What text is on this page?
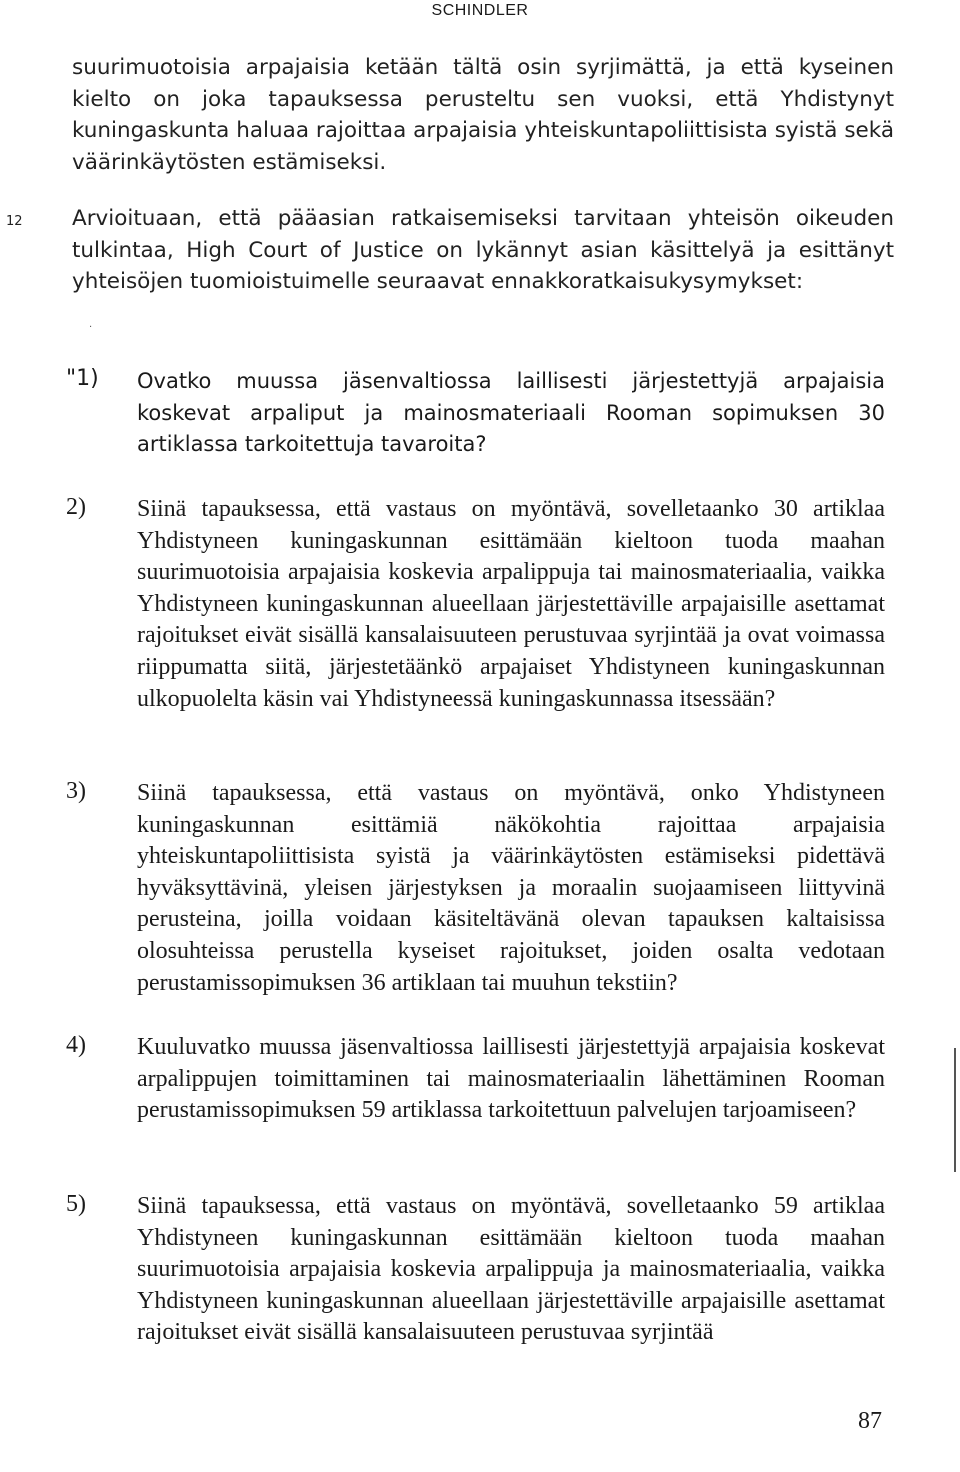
SCHINDLER
suurimuotoisia arpajaisia ketään tältä osin syrjimättä, ja että kyseinen kielto on joka tapauksessa perusteltu sen vuoksi, että Yhdistynyt kuningaskunta haluaa rajoittaa arpajaisia yhteiskuntapoliittisista syistä sekä väärinkäytösten estämiseksi.
12 Arvioituaan, että pääasian ratkaisemiseksi tarvitaan yhteisön oikeuden tulkintaa, High Court of Justice on lykännyt asian käsittelyä ja esittänyt yhteisöjen tuomioistuimelle seuraavat ennakkoratkaisukysymykset:
·
"1) Ovatko muussa jäsenvaltiossa laillisesti järjestettyjä arpajaisia koskevat arpaliput ja mainosmateriaali Rooman sopimuksen 30 artiklassa tarkoitettuja tavaroita?
2) Siinä tapauksessa, että vastaus on myöntävä, sovelletaanko 30 artiklaa Yhdistyneen kuningaskunnan esittämään kieltoon tuoda maahan suurimuotoisia arpajaisia koskevia arpalippuja tai mainosmateriaalia, vaikka Yhdistyneen kuningaskunnan alueellaan järjestettäville arpajaisille asettamat rajoitukset eivät sisällä kansalaisuuteen perustuvaa syrjintää ja ovat voimassa riippumatta siitä, järjestetäänkö arpajaiset Yhdistyneen kuningaskunnan ulkopuolelta käsin vai Yhdistyneessä kuningaskunnassa itsessään?
3) Siinä tapauksessa, että vastaus on myöntävä, onko Yhdistyneen kuningaskunnan esittämiä näkökohtia rajoittaa arpajaisia yhteiskuntapoliittisista syistä ja väärinkäytösten estämiseksi pidettävä hyväksyttävinä, yleisen järjestyksen ja moraalin suojaamiseen liittyvinä perusteina, joilla voidaan käsiteltävänä olevan tapauksen kaltaisissa olosuhteissa perustella kyseiset rajoitukset, joiden osalta vedotaan perustamissopimuksen 36 artiklaan tai muuhun tekstiin?
4) Kuuluvatko muussa jäsenvaltiossa laillisesti järjestettyjä arpajaisia koskevat arpalippujen toimittaminen tai mainosmateriaalin lähettäminen Rooman perustamissopimuksen 59 artiklassa tarkoitettuun palvelujen tarjoamiseen?
5) Siinä tapauksessa, että vastaus on myöntävä, sovelletaanko 59 artiklaa Yhdistyneen kuningaskunnan esittämään kieltoon tuoda maahan suurimuotoisia arpajaisia koskevia arpalippuja ja mainosmateriaalia, vaikka Yhdistyneen kuningaskunnan alueellaan järjestettäville arpajaisille asettamat rajoitukset eivät sisällä kansalaisuuteen perustuvaa syrjintää
87
